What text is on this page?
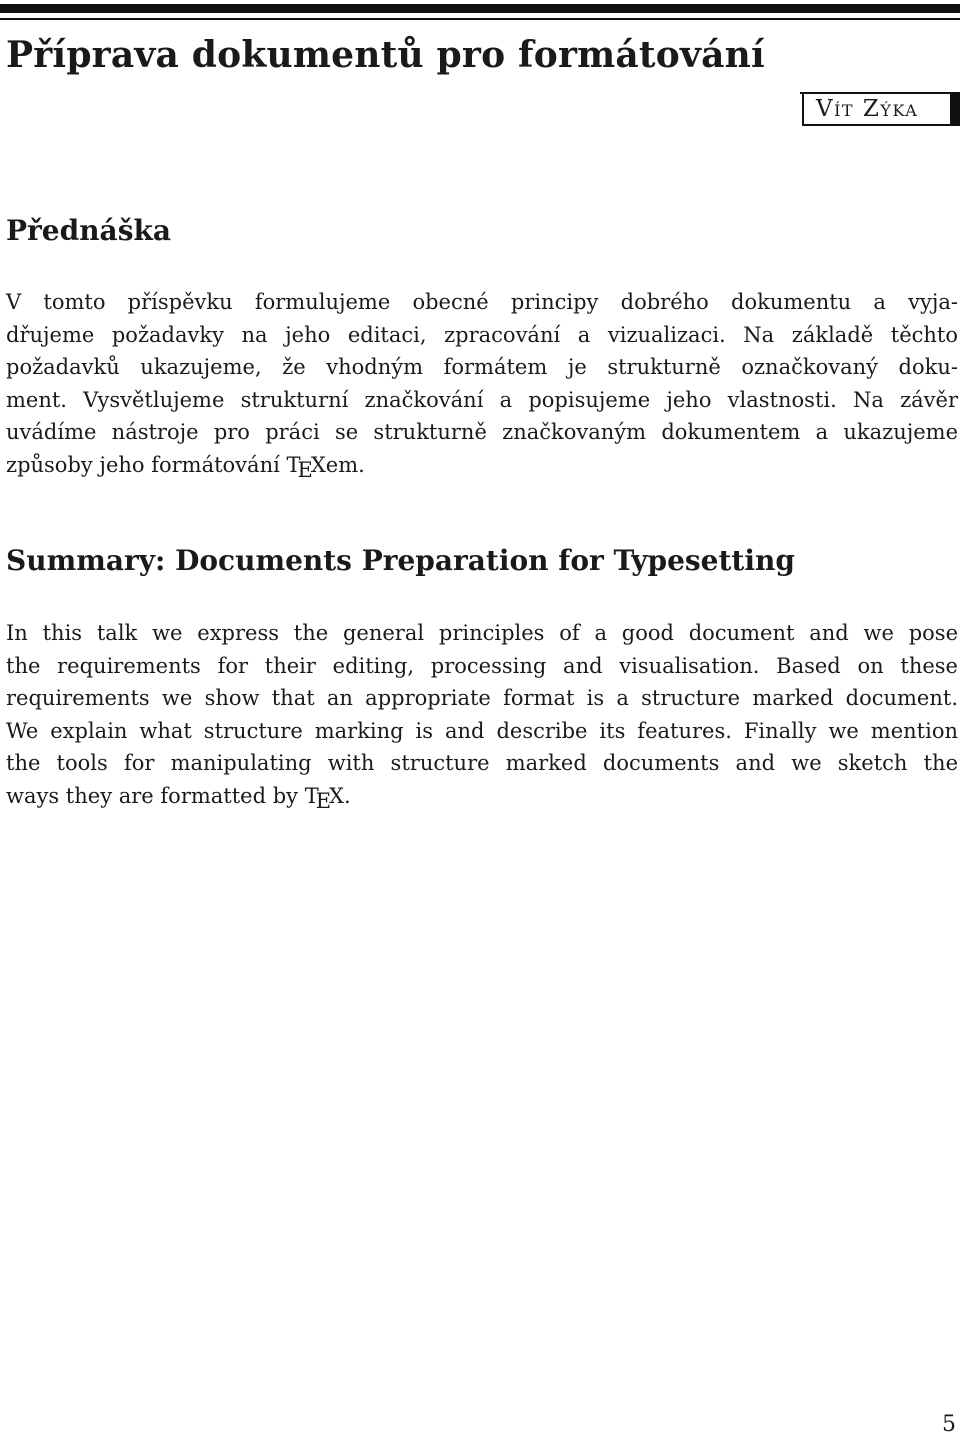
Příprava dokumentů pro formátování
Vít Zýka
Přednáška
V tomto příspěvku formulujeme obecné principy dobrého dokumentu a vyja-
dřujeme požadavky na jeho editaci, zpracování a vizualizaci. Na základě těchto
požadavků ukazujeme, že vhodným formátem je strukturně označkovaný doku-
ment. Vysvětlujeme strukturní značkování a popisujeme jeho vlastnosti. Na závěr
uvádíme nástroje pro práci se strukturně značkovaným dokumentem a ukazujeme
způsoby jeho formátování TEXem.
Summary: Documents Preparation for Typesetting
In this talk we express the general principles of a good document and we pose
the requirements for their editing, processing and visualisation. Based on these
requirements we show that an appropriate format is a structure marked document.
We explain what structure marking is and describe its features. Finally we mention
the tools for manipulating with structure marked documents and we sketch the
ways they are formatted by TEX.
5
